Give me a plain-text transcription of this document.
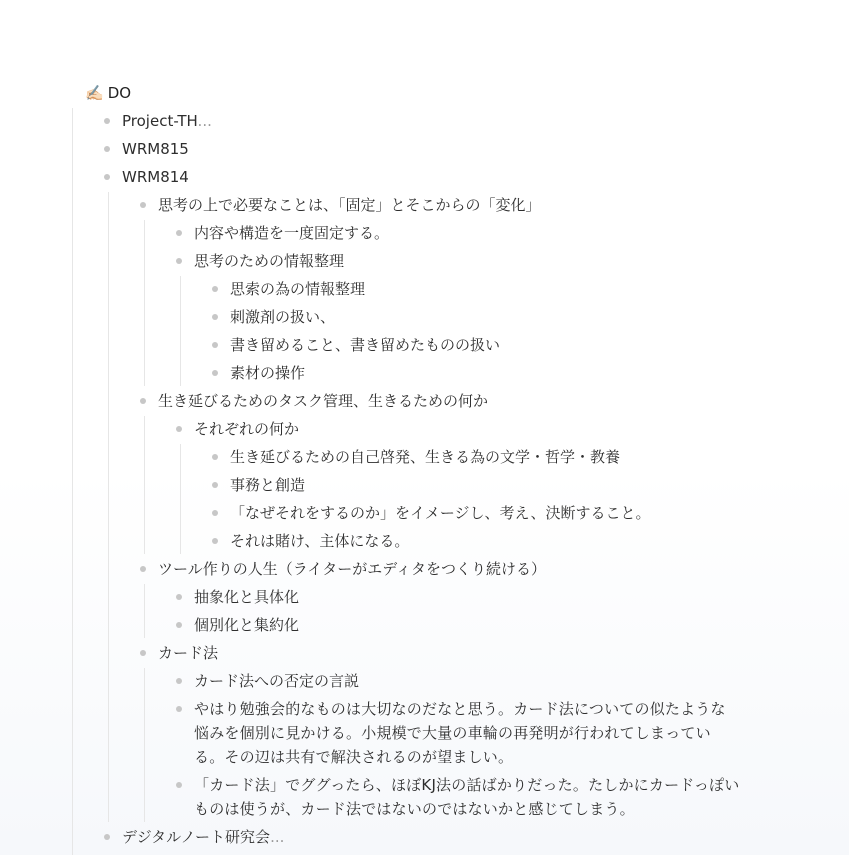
✍🏻 DO
Project-TH...
WRM815
WRM814
思考の上で必要なことは、「固定」とそこからの「変化」
内容や構造を一度固定する。
思考のための情報整理
思索の為の情報整理
刺激剤の扱い、
書き留めること、書き留めたものの扱い
素材の操作
生き延びるためのタスク管理、生きるための何か
それぞれの何か
生き延びるための自己啓発、生きる為の文学・哲学・教養
事務と創造
「なぜそれをするのか」をイメージし、考え、決断すること。
それは賭け、主体になる。
ツール作りの人生（ライターがエディタをつくり続ける）
抽象化と具体化
個別化と集約化
カード法
カード法への否定の言説
やはり勉強会的なものは大切なのだなと思う。カード法についての似たような悩みを個別に見かける。小規模で大量の車輪の再発明が行われてしまっている。その辺は共有で解決されるのが望ましい。
「カード法」でググったら、ほぼKJ法の話ばかりだった。たしかにカードっぽいものは使うが、カード法ではないのではないかと感じてしまう。
デジタルノート研究会...
